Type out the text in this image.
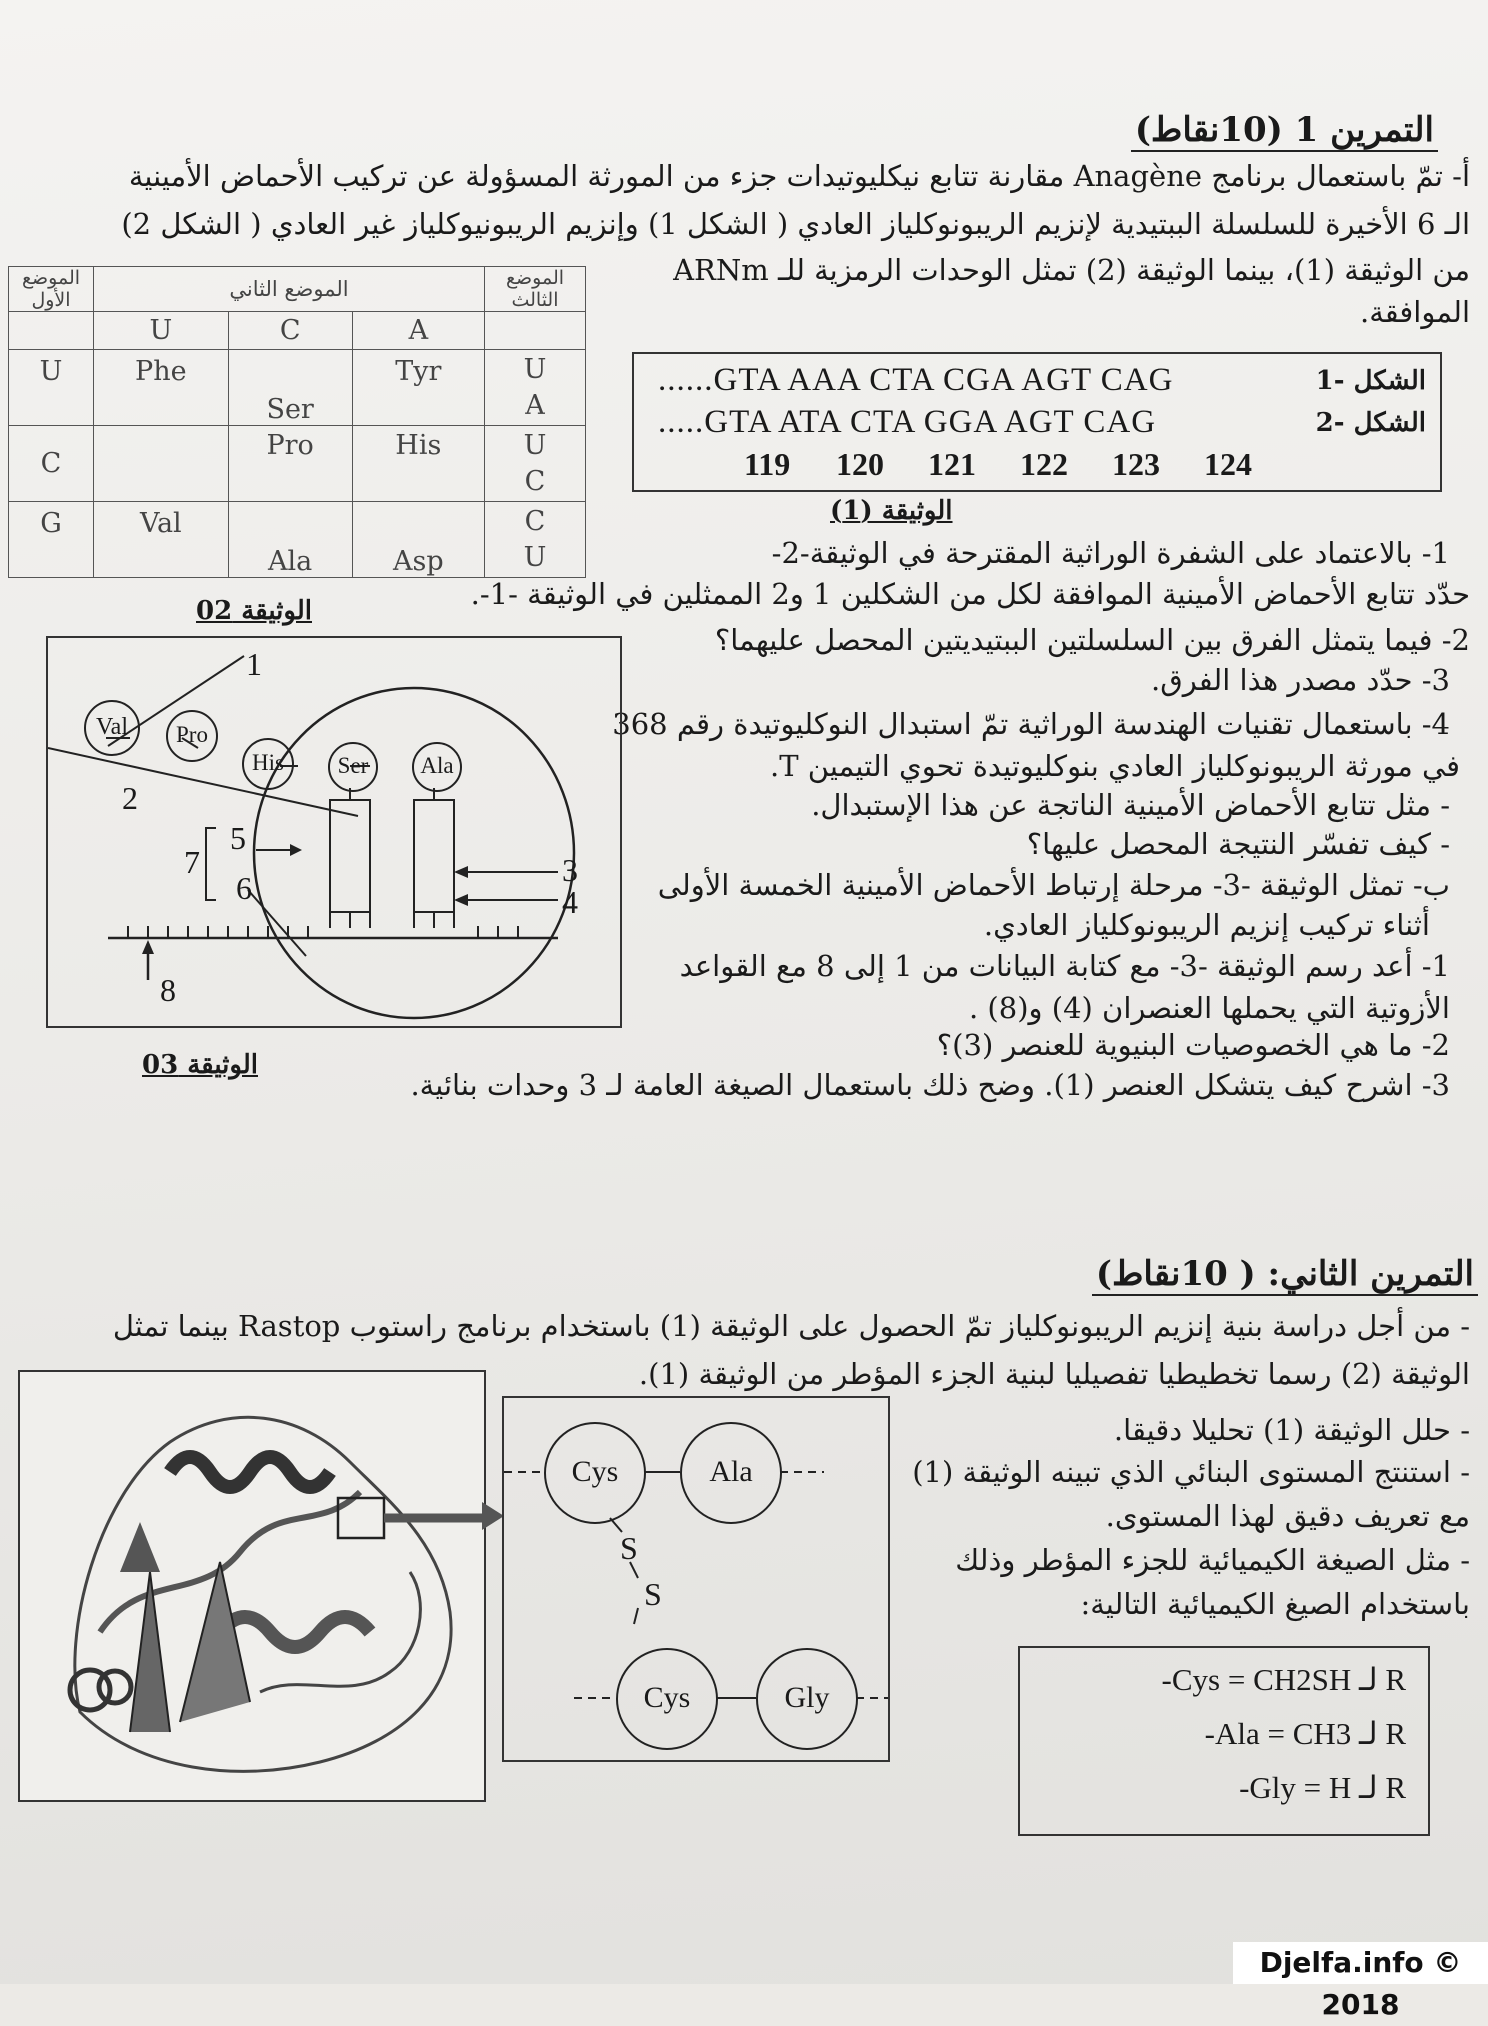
التمرين 1 (10نقاط)
أ- تمّ باستعمال برنامج Anagène مقارنة تتابع نيكليوتيدات جزء من المورثة المسؤولة عن تركيب الأحماض الأمينية
الـ 6 الأخيرة للسلسلة الببتيدية لإنزيم الريبونوكلياز العادي ( الشكل 1) وإنزيم الريبونيوكلياز غير العادي ( الشكل 2)
من الوثيقة (1)، بينما الوثيقة (2) تمثل الوحدات الرمزية للـ ARNm
الموافقة.
الموضع الأول	الموضع الثاني			الموضع الثالث
	U	C	A	
U	Phe	Ser	Tyr	U
A

C		Pro	His	U
C

G	Val	Ala	Asp	C
U
الوثيقة 02
......GTA AAA CTA CGA AGT CAG	الشكل -1
.....GTA ATA CTA GGA AGT CAG	الشكل -2
119 120 121 122 123 124
الوثيقة (1)
1- بالاعتماد على الشفرة الوراثية المقترحة في الوثيقة-2-
حدّد تتابع الأحماض الأمينية الموافقة لكل من الشكلين 1 و2 الممثلين في الوثيقة -1-.
2- فيما يتمثل الفرق بين السلسلتين الببتيديتين المحصل عليهما؟
3- حدّد مصدر هذا الفرق.
4- باستعمال تقنيات الهندسة الوراثية تمّ استبدال النوكليوتيدة رقم 368
في مورثة الريبونوكلياز العادي بنوكليوتيدة تحوي التيمين T.
- مثل تتابع الأحماض الأمينية الناتجة عن هذا الإستبدال.
- كيف تفسّر النتيجة المحصل عليها؟
ب- تمثل الوثيقة -3- مرحلة إرتباط الأحماض الأمينية الخمسة الأولى
أثناء تركيب إنزيم الريبونوكلياز العادي.
1- أعد رسم الوثيقة -3- مع كتابة البيانات من 1 إلى 8 مع القواعد
الأزوتية التي يحملها العنصران (4) و(8) .
2- ما هي الخصوصيات البنيوية للعنصر (3)؟
3- اشرح كيف يتشكل العنصر (1). وضح ذلك باستعمال الصيغة العامة لـ 3 وحدات بنائية.
Val	Pro
His	Ser	Ala
1
2
3
4
5
6
7
8
الوثيقة 03
التمرين الثاني: ( 10نقاط)
- من أجل دراسة بنية إنزيم الريبونوكلياز تمّ الحصول على الوثيقة (1) باستخدام برنامج راستوب Rastop بينما تمثل
الوثيقة (2) رسما تخطيطيا تفصيليا لبنية الجزء المؤطر من الوثيقة (1).
- حلل الوثيقة (1) تحليلا دقيقا.
- استنتج المستوى البنائي الذي تبينه الوثيقة (1)
مع تعريف دقيق لهذا المستوى.
- مثل الصيغة الكيميائية للجزء المؤطر وذلك
باستخدام الصيغ الكيميائية التالية:
Cys	Ala
S
S
Cys	Gly
R لـ Cys = CH2SH-
R لـ Ala = CH3-
R لـ Gly = H-
Djelfa.info © 2018
